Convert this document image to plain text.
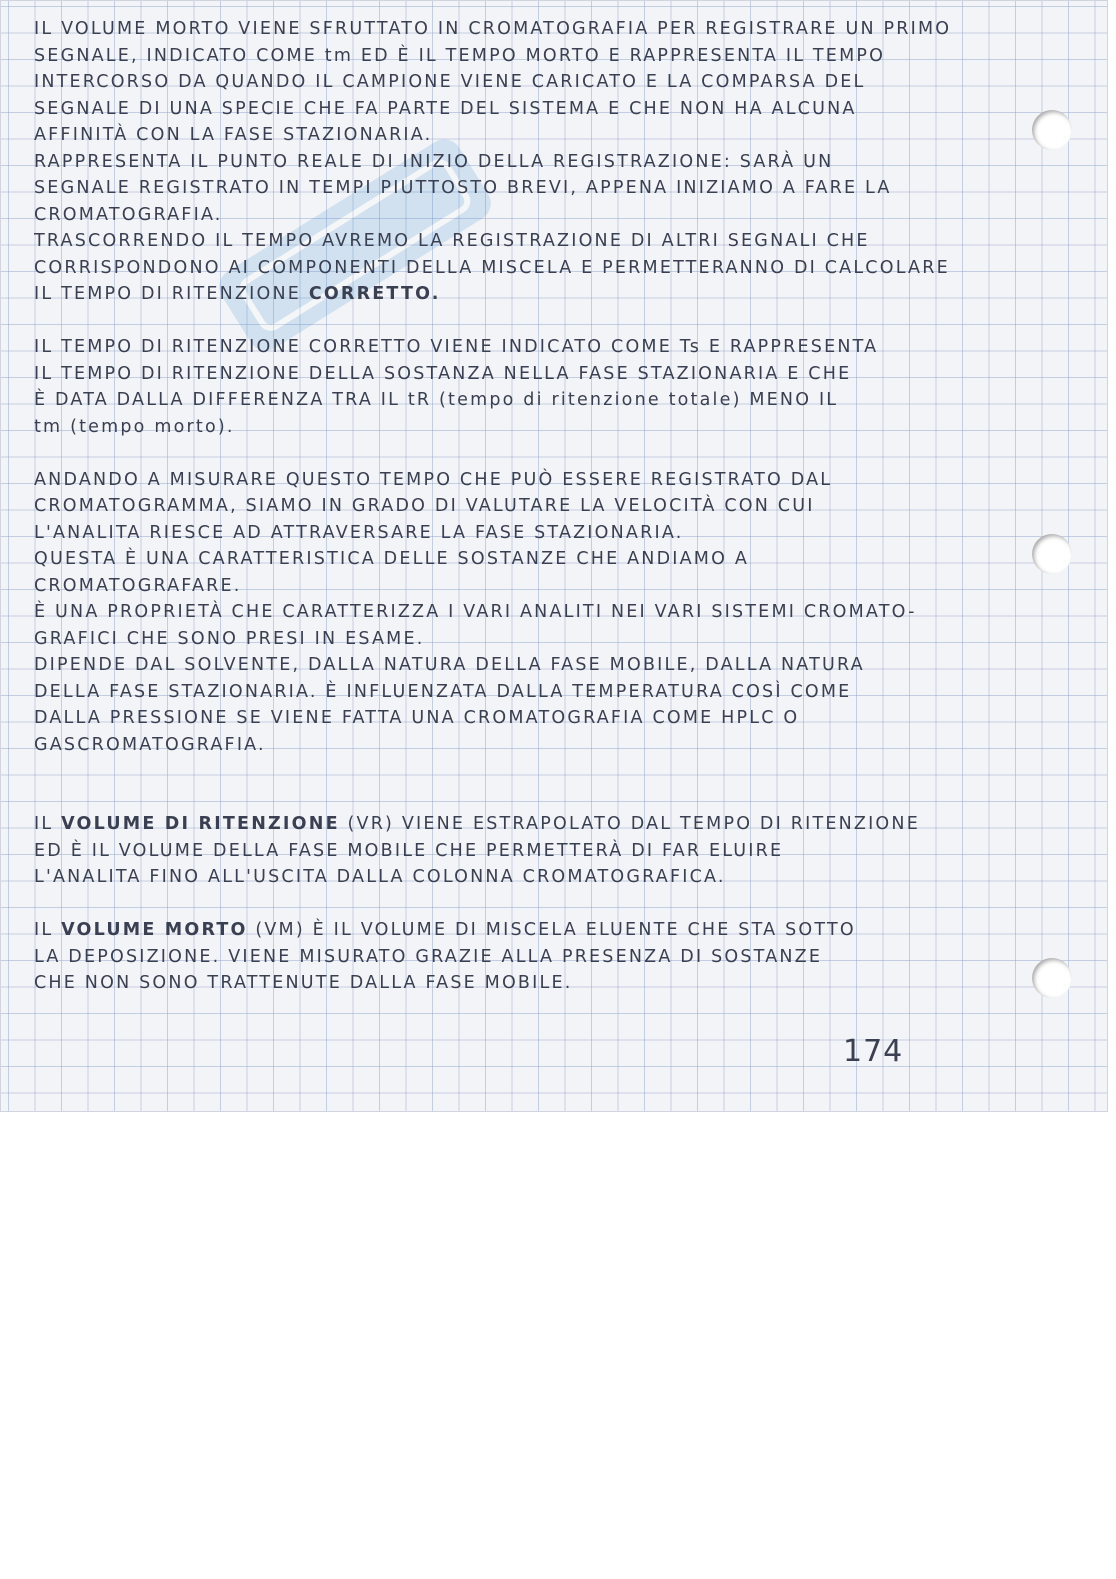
IL VOLUME MORTO VIENE SFRUTTATO IN CROMATOGRAFIA PER REGISTRARE UN PRIMO
SEGNALE, INDICATO COME tm ED È IL TEMPO MORTO E RAPPRESENTA IL TEMPO
INTERCORSO DA QUANDO IL CAMPIONE VIENE CARICATO E LA COMPARSA DEL
SEGNALE DI UNA SPECIE CHE FA PARTE DEL SISTEMA E CHE NON HA ALCUNA
AFFINITÀ CON LA FASE STAZIONARIA.
RAPPRESENTA IL PUNTO REALE DI INIZIO DELLA REGISTRAZIONE: SARÀ UN
SEGNALE REGISTRATO IN TEMPI PIUTTOSTO BREVI, APPENA INIZIAMO A FARE LA
CROMATOGRAFIA.
TRASCORRENDO IL TEMPO AVREMO LA REGISTRAZIONE DI ALTRI SEGNALI CHE
CORRISPONDONO AI COMPONENTI DELLA MISCELA E PERMETTERANNO DI CALCOLARE
IL TEMPO DI RITENZIONE CORRETTO.
IL TEMPO DI RITENZIONE CORRETTO VIENE INDICATO COME Ts E RAPPRESENTA
IL TEMPO DI RITENZIONE DELLA SOSTANZA NELLA FASE STAZIONARIA E CHE
È DATA DALLA DIFFERENZA TRA IL tR (tempo di ritenzione totale) MENO IL
tm (tempo morto).
ANDANDO A MISURARE QUESTO TEMPO CHE PUÒ ESSERE REGISTRATO DAL
CROMATOGRAMMA, SIAMO IN GRADO DI VALUTARE LA VELOCITÀ CON CUI
L'ANALITA RIESCE AD ATTRAVERSARE LA FASE STAZIONARIA.
QUESTA È UNA CARATTERISTICA DELLE SOSTANZE CHE ANDIAMO A
CROMATOGRAFARE.
È UNA PROPRIETÀ CHE CARATTERIZZA I VARI ANALITI NEI VARI SISTEMI CROMATO-
GRAFICI CHE SONO PRESI IN ESAME.
DIPENDE DAL SOLVENTE, DALLA NATURA DELLA FASE MOBILE, DALLA NATURA
DELLA FASE STAZIONARIA. È INFLUENZATA DALLA TEMPERATURA COSÌ COME
DALLA PRESSIONE SE VIENE FATTA UNA CROMATOGRAFIA COME HPLC O
GASCROMATOGRAFIA.
IL VOLUME DI RITENZIONE (VR) VIENE ESTRAPOLATO DAL TEMPO DI RITENZIONE
ED È IL VOLUME DELLA FASE MOBILE CHE PERMETTERÀ DI FAR ELUIRE
L'ANALITA FINO ALL'USCITA DALLA COLONNA CROMATOGRAFICA.
IL VOLUME MORTO (VM) È IL VOLUME DI MISCELA ELUENTE CHE STA SOTTO
LA DEPOSIZIONE. VIENE MISURATO GRAZIE ALLA PRESENZA DI SOSTANZE
CHE NON SONO TRATTENUTE DALLA FASE MOBILE.
174
